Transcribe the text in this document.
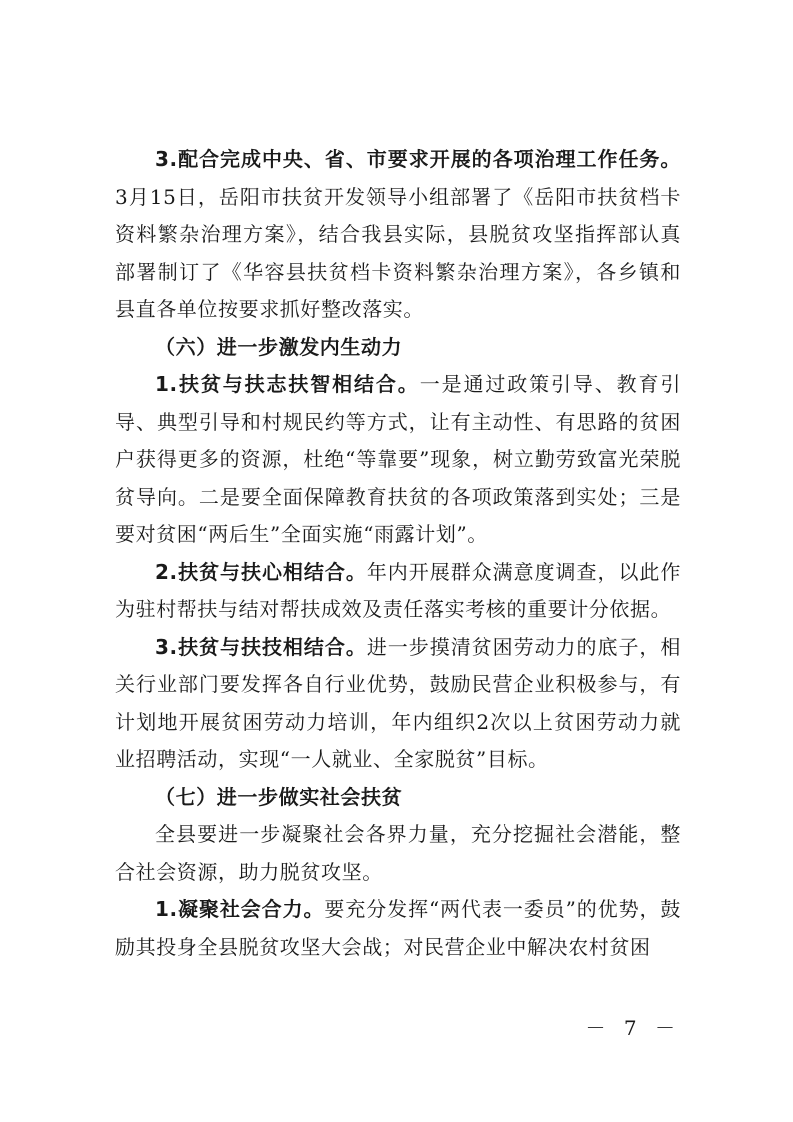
3.配合完成中央、省、市要求开展的各项治理工作任务。3月15日，岳阳市扶贫开发领导小组部署了《岳阳市扶贫档卡资料繁杂治理方案》，结合我县实际，县脱贫攻坚指挥部认真部署制订了《华容县扶贫档卡资料繁杂治理方案》，各乡镇和县直各单位按要求抓好整改落实。

（六）进一步激发内生动力

1.扶贫与扶志扶智相结合。一是通过政策引导、教育引导、典型引导和村规民约等方式，让有主动性、有思路的贫困户获得更多的资源，杜绝“等靠要”现象，树立勤劳致富光荣脱贫导向。二是要全面保障教育扶贫的各项政策落到实处；三是要对贫困“两后生”全面实施“雨露计划”。

2.扶贫与扶心相结合。年内开展群众满意度调查，以此作为驻村帮扶与结对帮扶成效及责任落实考核的重要计分依据。

3.扶贫与扶技相结合。进一步摸清贫困劳动力的底子，相关行业部门要发挥各自行业优势，鼓励民营企业积极参与，有计划地开展贫困劳动力培训，年内组织2次以上贫困劳动力就业招聘活动，实现“一人就业、全家脱贫”目标。

（七）进一步做实社会扶贫

全县要进一步凝聚社会各界力量，充分挖掘社会潜能，整合社会资源，助力脱贫攻坚。

1.凝聚社会合力。要充分发挥“两代表一委员”的优势，鼓励其投身全县脱贫攻坚大会战；对民营企业中解决农村贫困

－ 7 －
